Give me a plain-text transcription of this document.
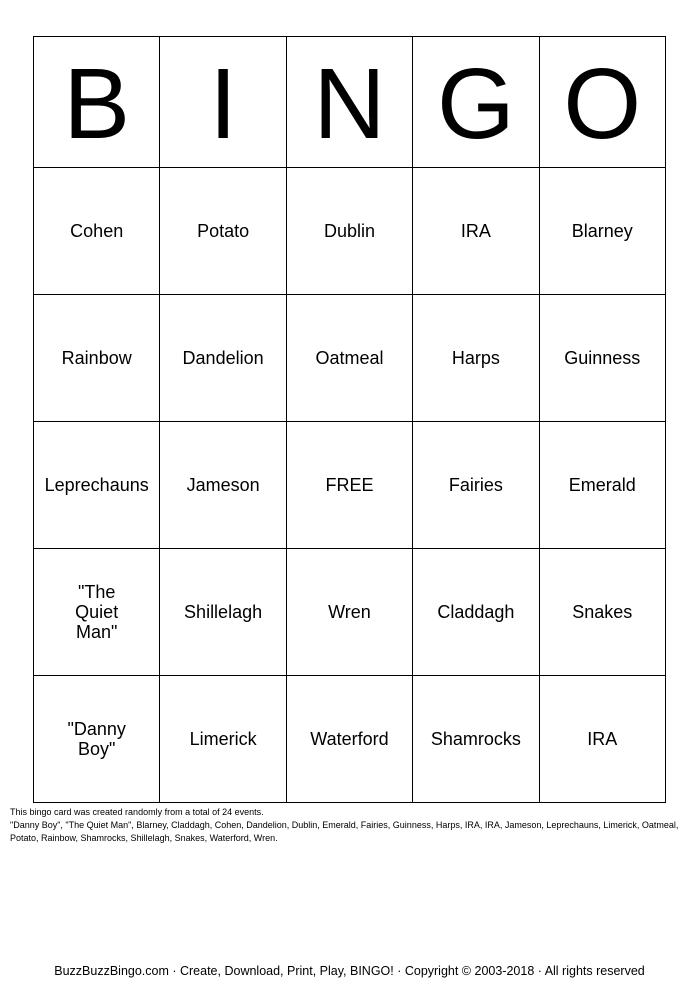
B	I	N	G	O
Cohen	Potato	Dublin	IRA	Blarney
Rainbow	Dandelion	Oatmeal	Harps	Guinness
Leprechauns	Jameson	FREE	Fairies	Emerald
"The Quiet Man"	Shillelagh	Wren	Claddagh	Snakes
"Danny Boy"	Limerick	Waterford	Shamrocks	IRA

This bingo card was created randomly from a total of 24 events.

"Danny Boy", "The Quiet Man", Blarney, Claddagh, Cohen, Dandelion, Dublin, Emerald, Fairies, Guinness, Harps, IRA, IRA, Jameson, Leprechauns, Limerick, Oatmeal, Potato, Rainbow, Shamrocks, Shillelagh, Snakes, Waterford, Wren.

BuzzBuzzBingo.com · Create, Download, Print, Play, BINGO! · Copyright © 2003-2018 · All rights reserved
